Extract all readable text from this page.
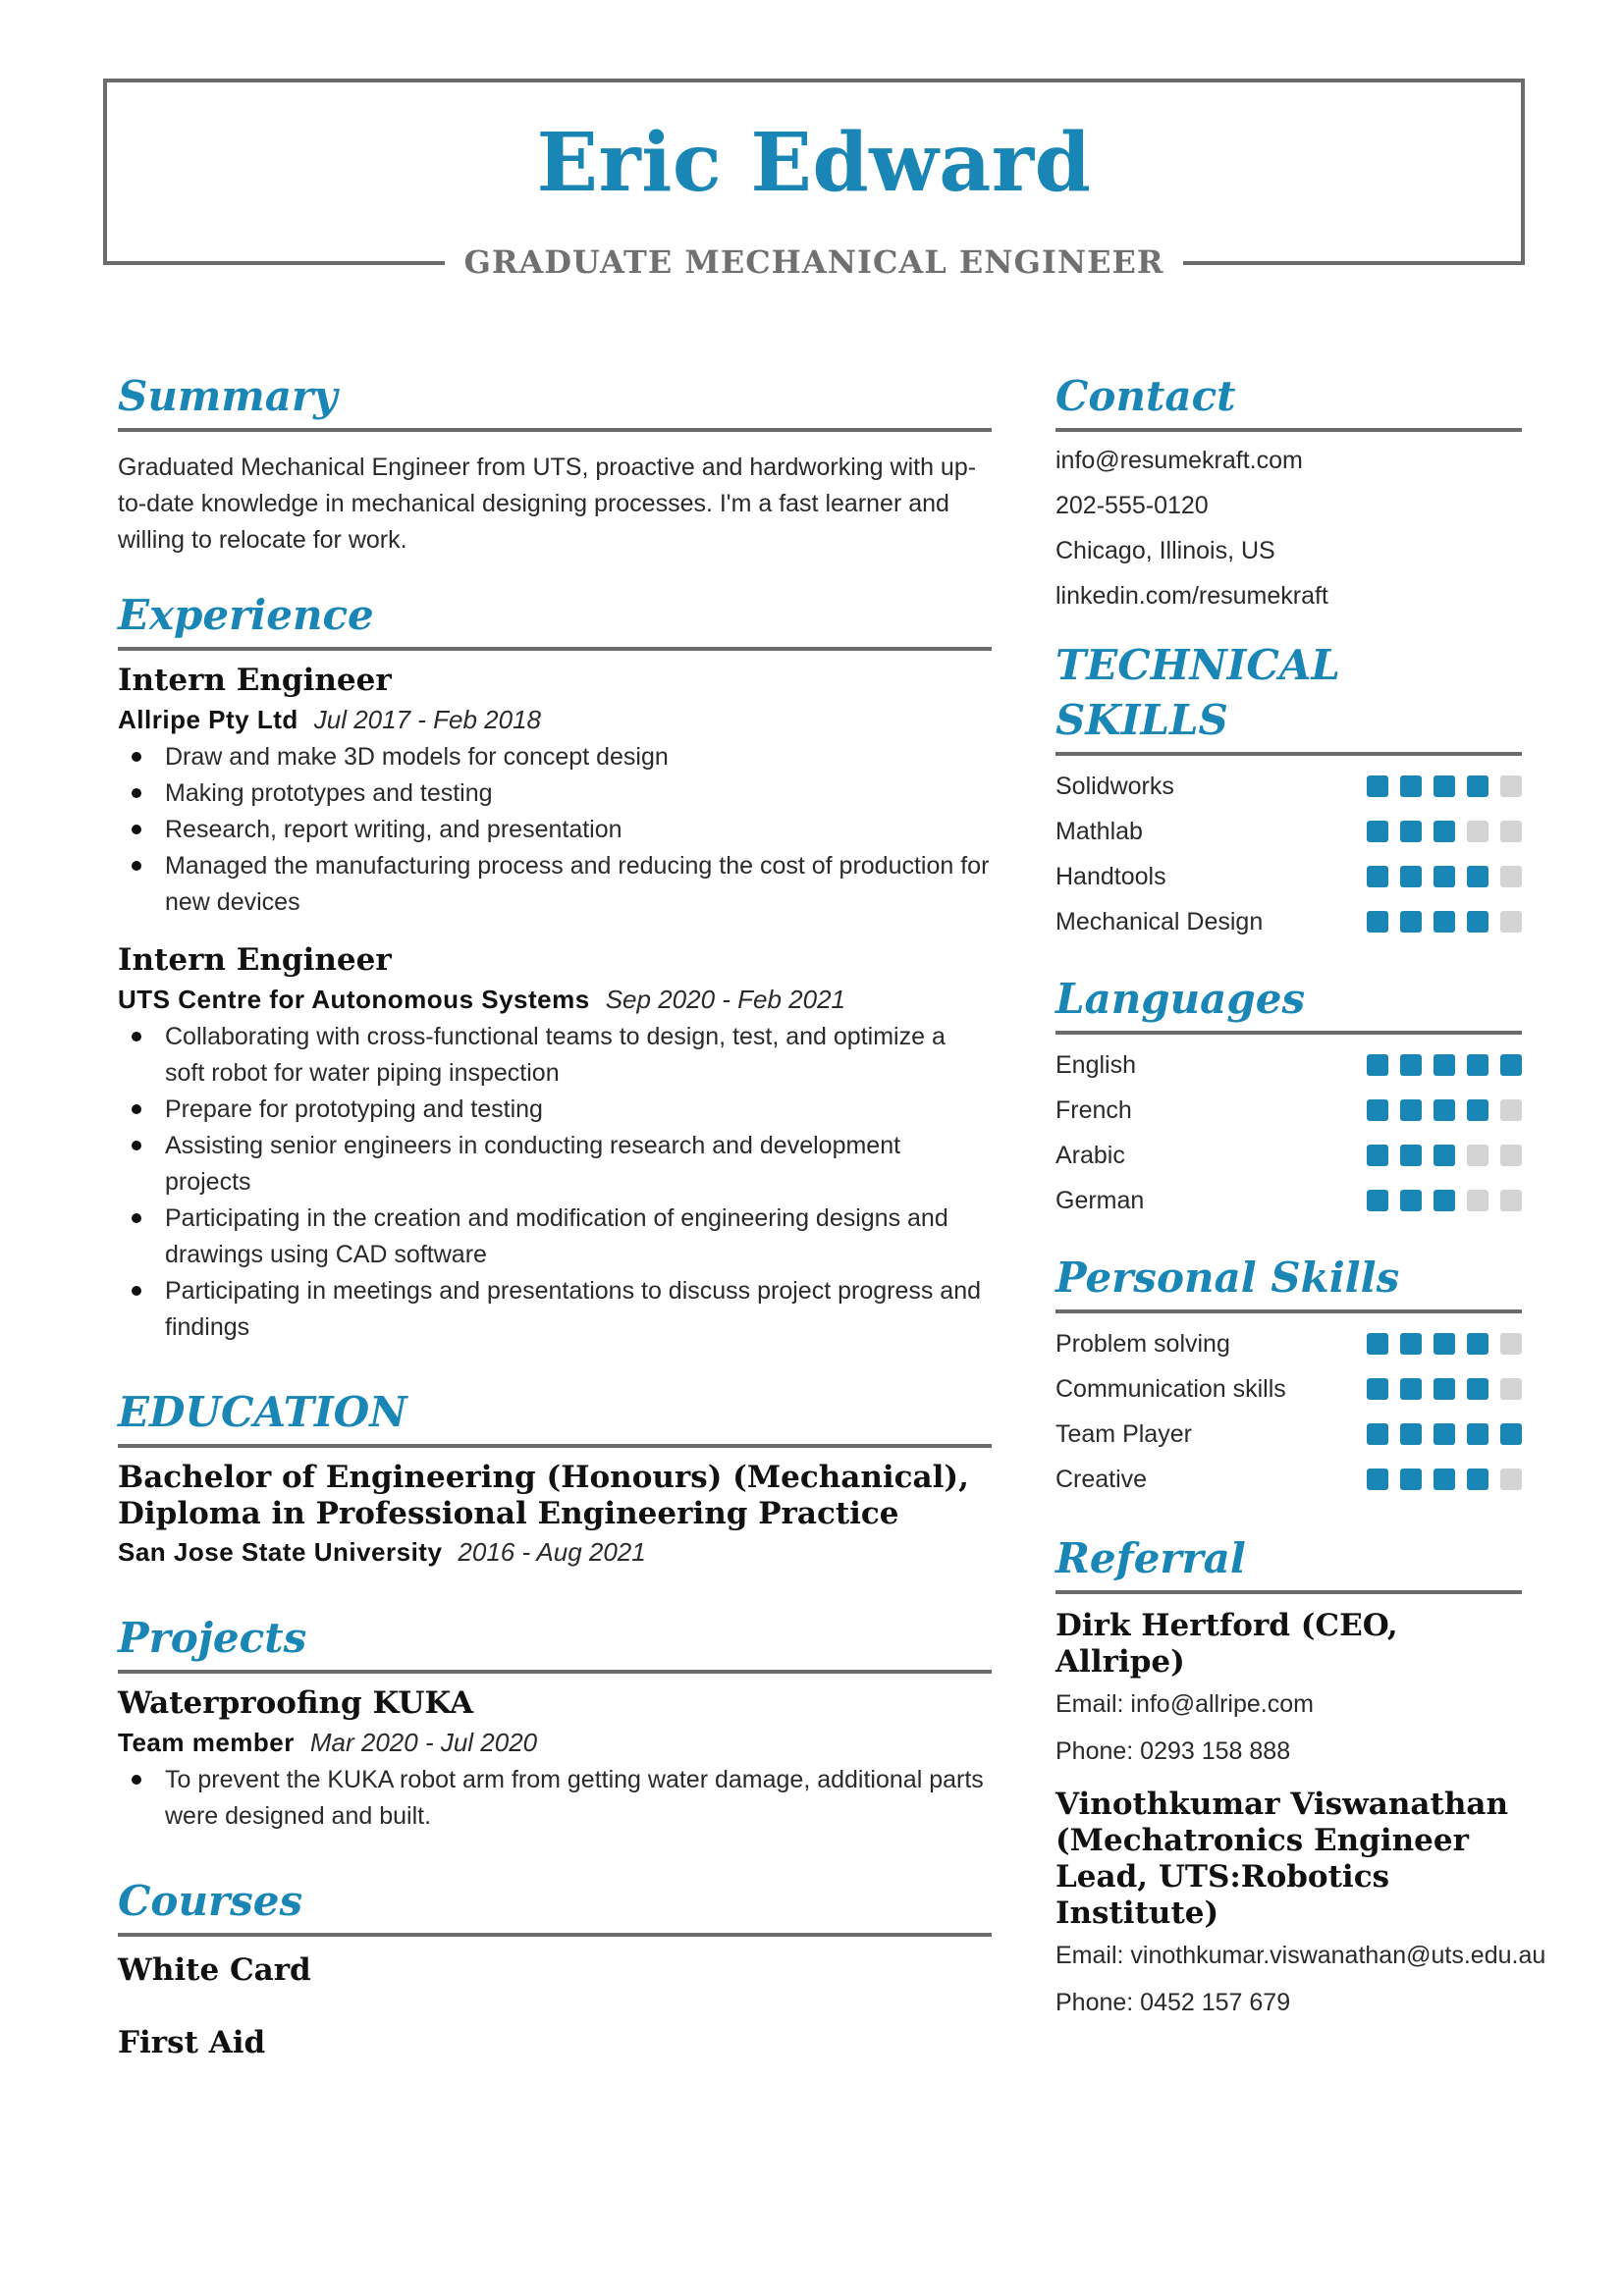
Eric Edward
GRADUATE MECHANICAL ENGINEER
Summary

Graduated Mechanical Engineer from UTS, proactive and hardworking with up-to-date knowledge in mechanical designing processes. I'm a fast learner and willing to relocate for work.

Experience
Intern Engineer
Allripe Pty Ltd Jul 2017 - Feb 2018
Draw and make 3D models for concept design
Making prototypes and testing
Research, report writing, and presentation
Managed the manufacturing process and reducing the cost of production for new devices
Intern Engineer
UTS Centre for Autonomous Systems Sep 2020 - Feb 2021
Collaborating with cross-functional teams to design, test, and optimize a soft robot for water piping inspection
Prepare for prototyping and testing
Assisting senior engineers in conducting research and development projects
Participating in the creation and modification of engineering designs and drawings using CAD software
Participating in meetings and presentations to discuss project progress and findings
EDUCATION
Bachelor of Engineering (Honours) (Mechanical), Diploma in Professional Engineering Practice
San Jose State University 2016 - Aug 2021
Projects
Waterproofing KUKA
Team member Mar 2020 - Jul 2020
To prevent the KUKA robot arm from getting water damage, additional parts were designed and built.
Courses
White Card
First Aid
Contact
info@resumekraft.com
202-555-0120
Chicago, Illinois, US
linkedin.com/resumekraft
TECHNICAL SKILLS
Solidworks
Mathlab
Handtools
Mechanical Design
Languages
English
French
Arabic
German
Personal Skills
Problem solving
Communication skills
Team Player
Creative
Referral
Dirk Hertford (CEO, Allripe)
Email: info@allripe.com
Phone: 0293 158 888
Vinothkumar Viswanathan (Mechatronics Engineer Lead, UTS:Robotics Institute)
Email: vinothkumar.viswanathan@uts.edu.au
Phone: 0452 157 679
